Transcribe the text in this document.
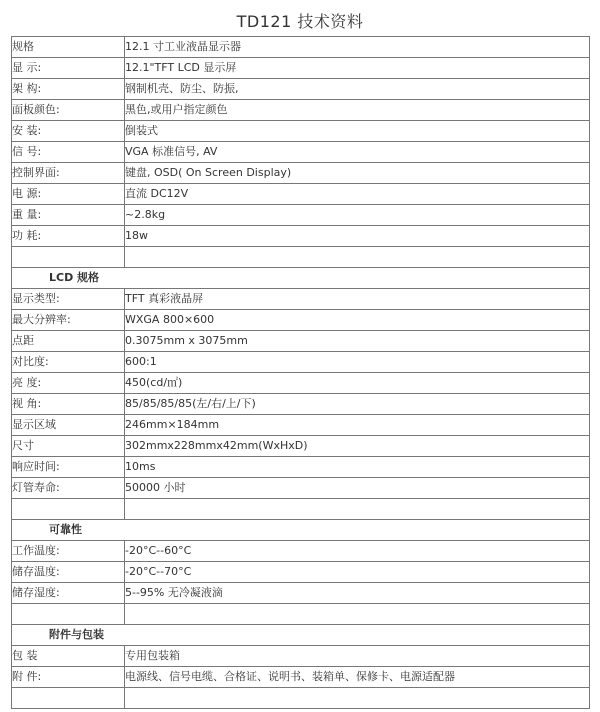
TD121 技术资料
规格	12.1 寸工业液晶显示器
显 示:	12.1"TFT LCD 显示屏
架 构:	钢制机壳、防尘、防振,
面板颜色:	黑色,或用户指定颜色
安 装:	倒装式
信 号:	VGA 标准信号, AV
控制界面:	键盘, OSD( On Screen Display)
电 源:	直流 DC12V
重 量:	~2.8kg
功 耗:	18w

LCD 规格	
显示类型:	TFT 真彩液晶屏
最大分辨率:	WXGA 800×600
点距	0.3075mm x 3075mm
对比度:	600:1
亮 度:	450(cd/㎡)
视 角:	85/85/85/85(左/右/上/下)
显示区域	246mm×184mm
尺寸	302mmx228mmx42mm(WxHxD)
响应时间:	10ms
灯管寿命:	50000 小时

可靠性	
工作温度:	-20°C--60°C
储存温度:	-20°C--70°C
储存湿度:	5--95% 无冷凝液滴

附件与包装	
包 装	专用包装箱
附 件:	电源线、信号电缆、合格证、说明书、装箱单、保修卡、电源适配器
